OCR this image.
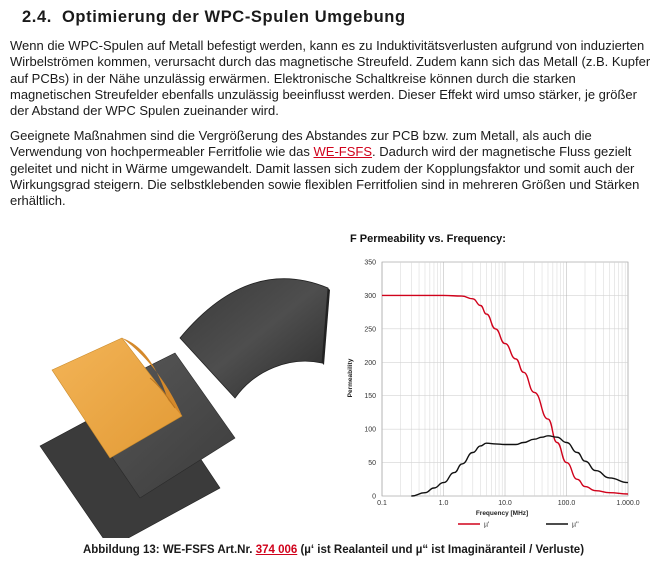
2.4. Optimierung der WPC-Spulen Umgebung

Wenn die WPC-Spulen auf Metall befestigt werden, kann es zu Induktivitätsverlusten aufgrund von induzierten Wirbelströmen kommen, verursacht durch das magnetische Streufeld. Zudem kann sich das Metall (z.B. Kupfer auf PCBs) in der Nähe unzulässig erwärmen. Elektronische Schaltkreise können durch die starken magnetischen Streufelder ebenfalls unzulässig beeinflusst werden. Dieser Effekt wird umso stärker, je größer der Abstand der WPC Spulen zueinander wird.

Geeignete Maßnahmen sind die Vergrößerung des Abstandes zur PCB bzw. zum Metall, als auch die Verwendung von hochpermeabler Ferritfolie wie das WE-FSFS. Dadurch wird der magnetische Fluss gezielt geleitet und nicht in Wärme umgewandelt. Damit lassen sich zudem der Kopplungsfaktor und somit auch der Wirkungsgrad steigern. Die selbstklebenden sowie flexiblen Ferritfolien sind in mehreren Größen und Stärken erhältlich.

F Permeability vs. Frequency:
0
50
100
150
200
250
300
350
0.1	1.0	10.0	100.0	1.000.0
Permeability
Frequency [MHz]
µ'	µ''
Abbildung 13: WE-FSFS Art.Nr. 374 006 (µ‘ ist Realanteil und µ“ ist Imaginäranteil / Verluste)
